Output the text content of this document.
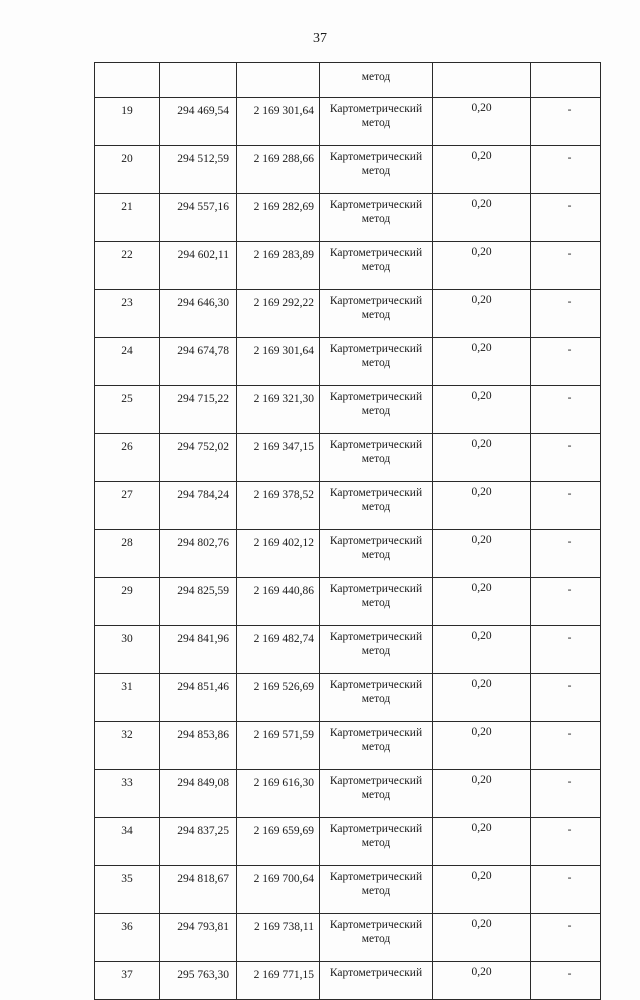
37
			метод		
19	294 469,54	2 169 301,64	Картометрический
метод	0,20	-
20	294 512,59	2 169 288,66	Картометрический
метод	0,20	-
21	294 557,16	2 169 282,69	Картометрический
метод	0,20	-
22	294 602,11	2 169 283,89	Картометрический
метод	0,20	-
23	294 646,30	2 169 292,22	Картометрический
метод	0,20	-
24	294 674,78	2 169 301,64	Картометрический
метод	0,20	-
25	294 715,22	2 169 321,30	Картометрический
метод	0,20	-
26	294 752,02	2 169 347,15	Картометрический
метод	0,20	-
27	294 784,24	2 169 378,52	Картометрический
метод	0,20	-
28	294 802,76	2 169 402,12	Картометрический
метод	0,20	-
29	294 825,59	2 169 440,86	Картометрический
метод	0,20	-
30	294 841,96	2 169 482,74	Картометрический
метод	0,20	-
31	294 851,46	2 169 526,69	Картометрический
метод	0,20	-
32	294 853,86	2 169 571,59	Картометрический
метод	0,20	-
33	294 849,08	2 169 616,30	Картометрический
метод	0,20	-
34	294 837,25	2 169 659,69	Картометрический
метод	0,20	-
35	294 818,67	2 169 700,64	Картометрический
метод	0,20	-
36	294 793,81	2 169 738,11	Картометрический
метод	0,20	-
37	295 763,30	2 169 771,15	Картометрический	0,20	-
